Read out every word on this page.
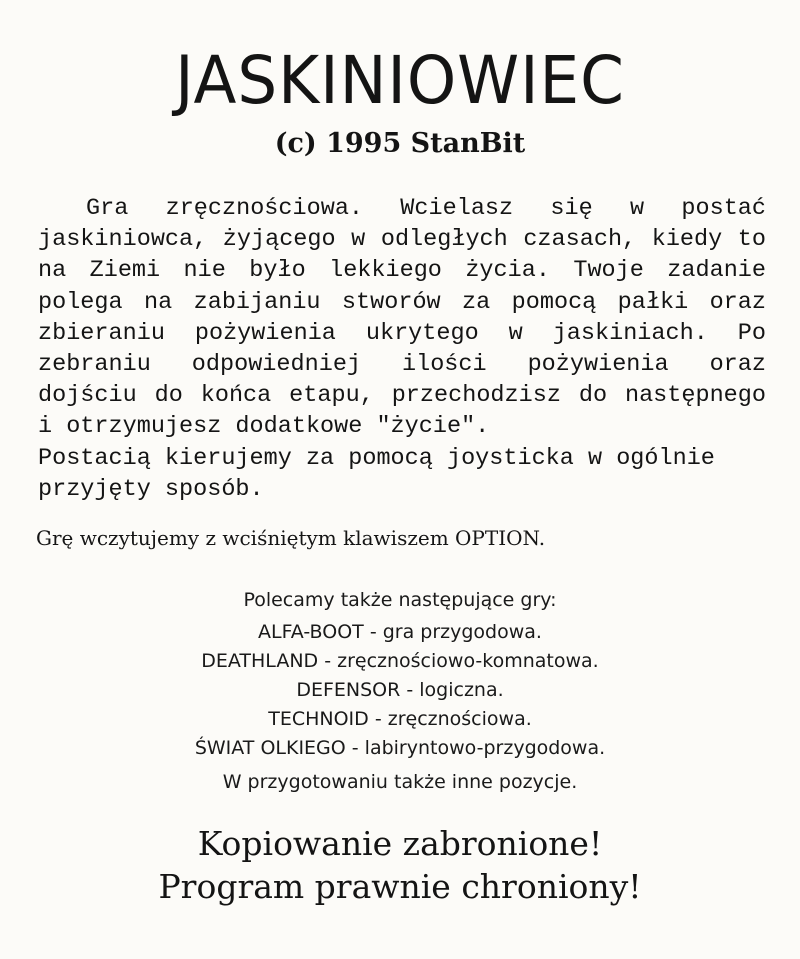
JASKINIOWIEC
(c) 1995 StanBit
Gra zręcznościowa. Wcielasz się w postać jaskiniowca, żyjącego w odległych czasach, kiedy to na Ziemi nie było lekkiego życia. Twoje zadanie polega na zabijaniu stworów za pomocą pałki oraz zbieraniu pożywienia ukrytego w jaskiniach. Po zebraniu odpowiedniej ilości pożywienia oraz dojściu do końca etapu, przechodzisz do następnego i otrzymujesz dodatkowe "życie".
Postacią kierujemy za pomocą joysticka w ogólnie przyjęty sposób.
Grę wczytujemy z wciśniętym klawiszem OPTION.
Polecamy także następujące gry:
ALFA-BOOT - gra przygodowa.
DEATHLAND - zręcznościowo-komnatowa.
DEFENSOR - logiczna.
TECHNOID - zręcznościowa.
ŚWIAT OLKIEGO - labiryntowo-przygodowa.
W przygotowaniu także inne pozycje.
Kopiowanie zabronione!
Program prawnie chroniony!
